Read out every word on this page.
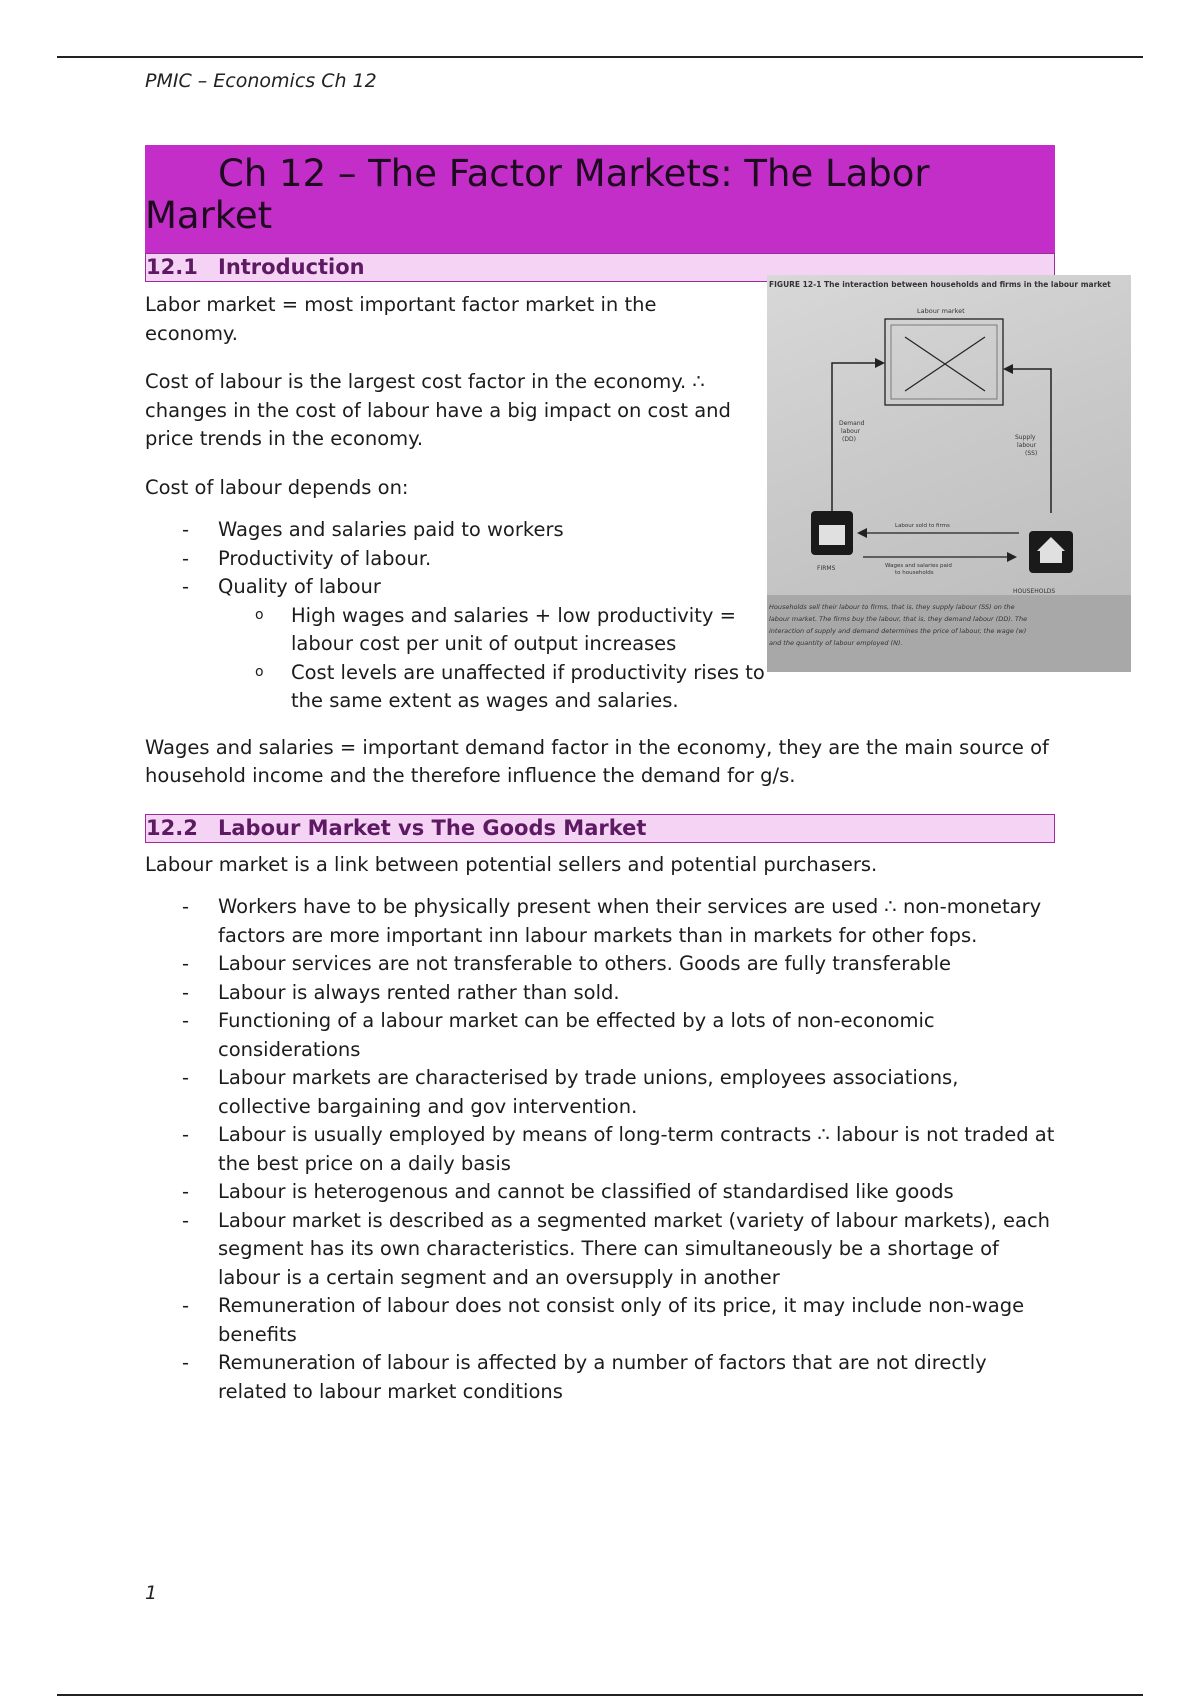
PMIC – Economics Ch 12
Ch 12 – The Factor Markets: The Labor
Market
12.1 Introduction

Labor market = most important factor market in the economy.

Cost of labour is the largest cost factor in the economy. ∴ changes in the cost of labour have a big impact on cost and price trends in the economy.

Cost of labour depends on:

- Wages and salaries paid to workers
- Productivity of labour.
- Quality of labour
o High wages and salaries + low productivity = labour cost per unit of output increases
o Cost levels are unaffected if productivity rises to the same extent as wages and salaries.

Wages and salaries = important demand factor in the economy, they are the main source of household income and the therefore influence the demand for g/s.

12.2 Labour Market vs The Goods Market

Labour market is a link between potential sellers and potential purchasers.

- Workers have to be physically present when their services are used ∴ non-monetary factors are more important inn labour markets than in markets for other fops.
- Labour services are not transferable to others. Goods are fully transferable
- Labour is always rented rather than sold.
- Functioning of a labour market can be effected by a lots of non-economic considerations
- Labour markets are characterised by trade unions, employees associations, collective bargaining and gov intervention.
- Labour is usually employed by means of long-term contracts ∴ labour is not traded at the best price on a daily basis
- Labour is heterogenous and cannot be classified of standardised like goods
- Labour market is described as a segmented market (variety of labour markets), each segment has its own characteristics. There can simultaneously be a shortage of labour is a certain segment and an oversupply in another
- Remuneration of labour does not consist only of its price, it may include non-wage benefits
- Remuneration of labour is affected by a number of factors that are not directly related to labour market conditions
FIGURE 12-1 The interaction between households and firms in the labour market
Labour market
Demand
labour
(DD)	Supply
labour
(SS)
FIRMS
HOUSEHOLDS
Labour sold to firms
Wages and salaries paid
to households
Households sell their labour to firms, that is, they supply labour (SS) on the
labour market. The firms buy the labour, that is, they demand labour (DD). The
interaction of supply and demand determines the price of labour, the wage (w)
and the quantity of labour employed (N).
1
